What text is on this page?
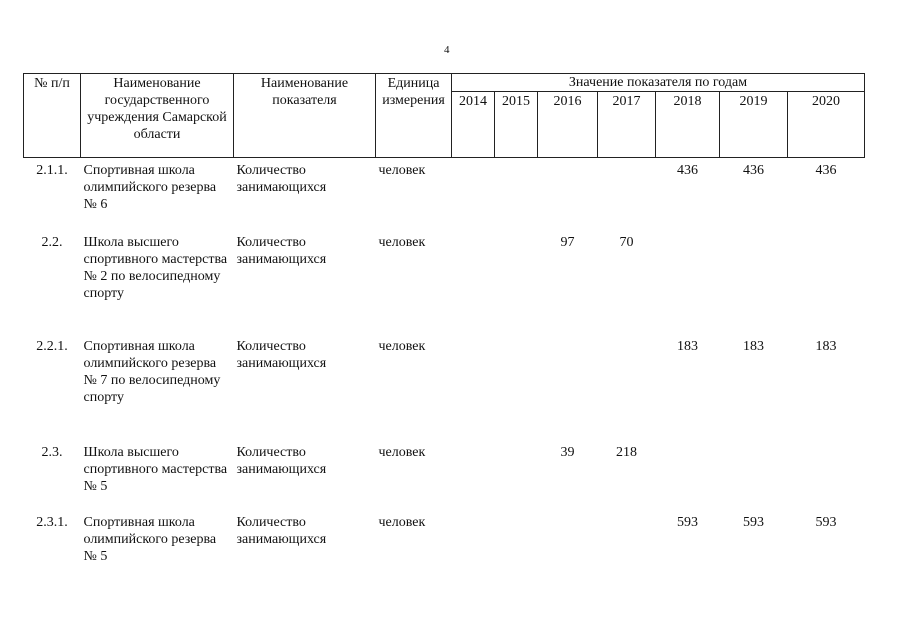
4
№ п/п	Наименование государственного учреждения Самарской области	Наименование показателя	Единица измерения	Значение показателя по годам						
				2014	2015	2016	2017	2018	2019	2020
2.1.1.	Спортивная школа олимпийского резерва № 6	Количество занимающихся	человек					436	436	436
2.2.	Школа высшего спортивного мастерства № 2 по велосипедному спорту	Количество занимающихся	человек			97	70			
2.2.1.	Спортивная школа олимпийского резерва № 7 по велосипедному спорту	Количество занимающихся	человек					183	183	183
2.3.	Школа высшего спортивного мастерства № 5	Количество занимающихся	человек			39	218			
2.3.1.	Спортивная школа олимпийского резерва № 5	Количество занимающихся	человек					593	593	593
